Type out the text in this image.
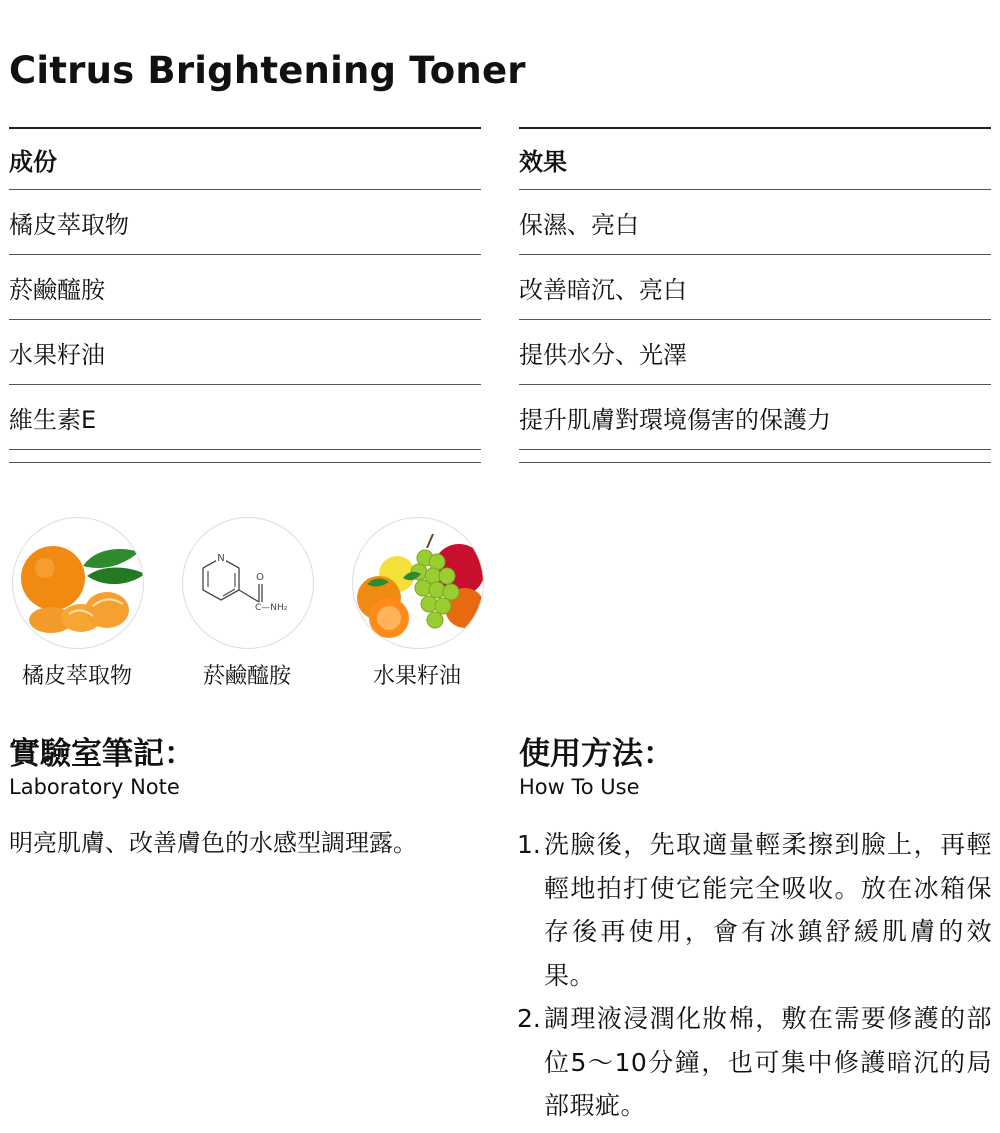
Citrus Brightening Toner
成份
橘皮萃取物
菸鹼醯胺
水果籽油
維生素E
效果
保濕、亮白
改善暗沉、亮白
提供水分、光澤
提升肌膚對環境傷害的保護力
N
O
C—NH₂
橘皮萃取物	菸鹼醯胺	水果籽油
實驗室筆記：
Laboratory Note
明亮肌膚、改善膚色的水感型調理露。
使用方法：
How To Use
1. 洗臉後，先取適量輕柔擦到臉上，再輕輕地拍打使它能完全吸收。放在冰箱保存後再使用，會有冰鎮舒緩肌膚的效果。
2. 調理液浸潤化妝棉，敷在需要修護的部位5～10分鐘，也可集中修護暗沉的局部瑕疵。
